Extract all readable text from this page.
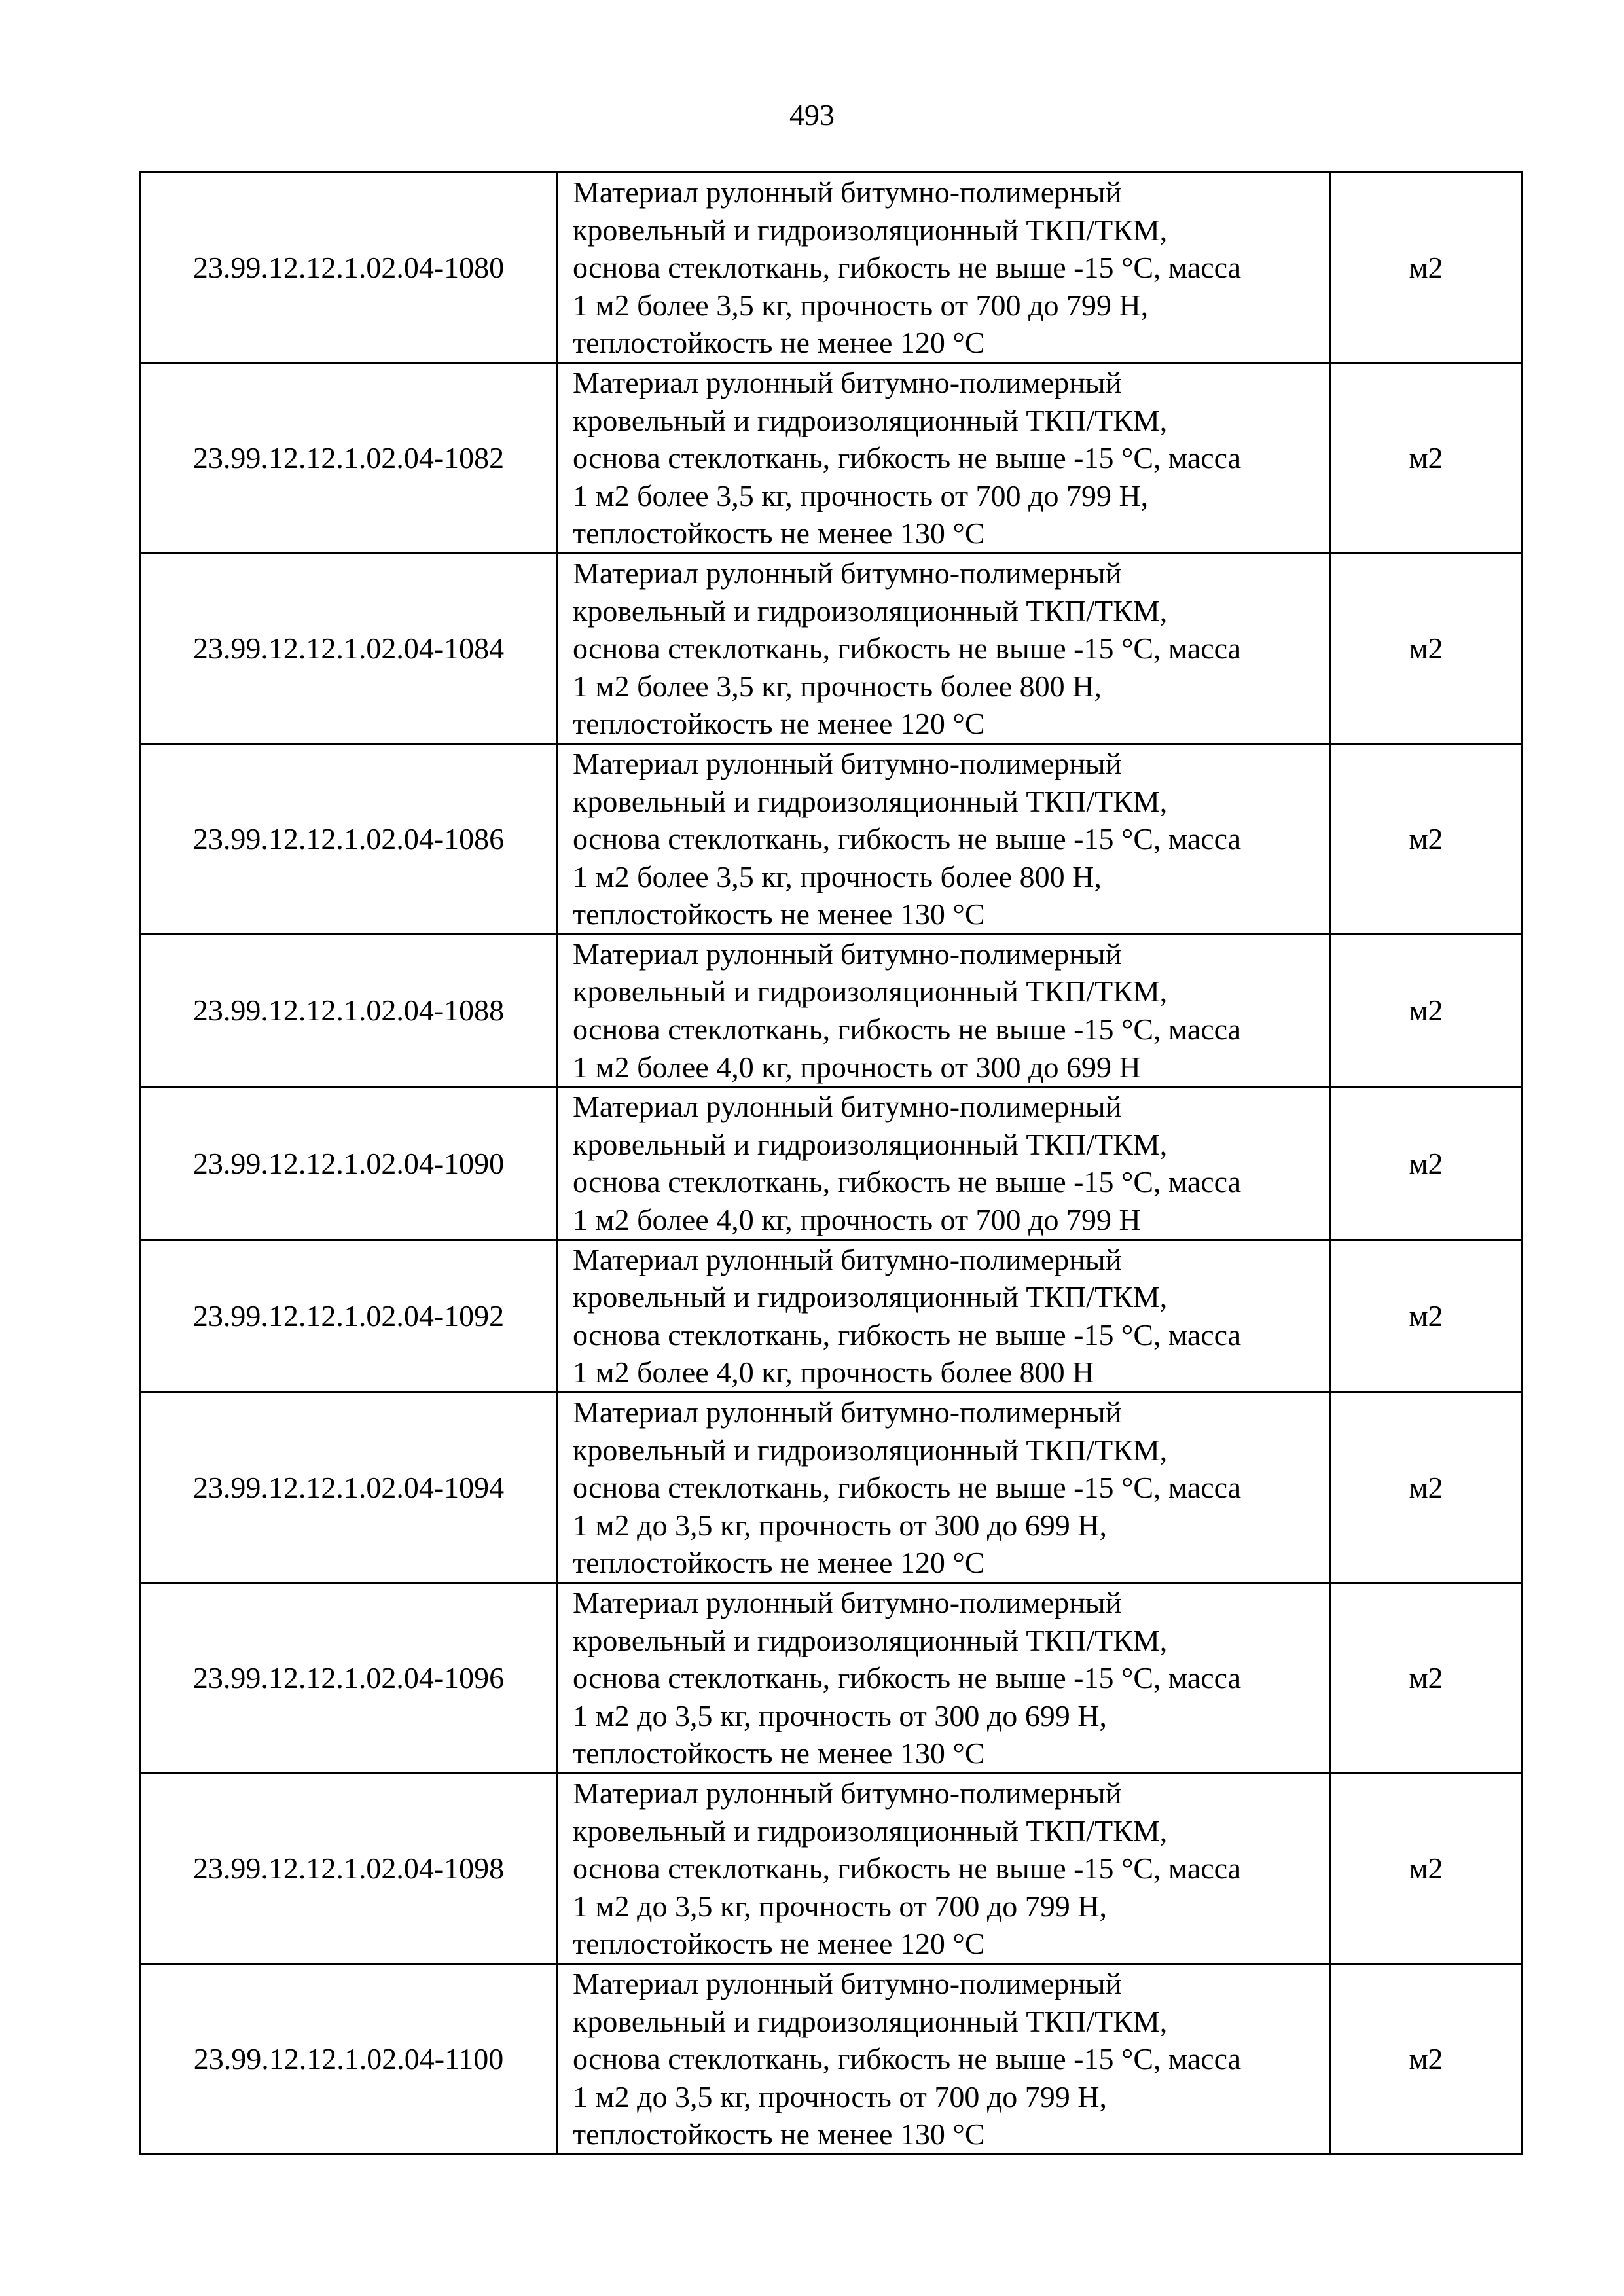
493
23.99.12.12.1.02.04-1080	Материал рулонный битумно-полимерный
кровельный и гидроизоляционный ТКП/ТКМ,
основа стеклоткань, гибкость не выше -15 °С, масса
1 м2 более 3,5 кг, прочность от 700 до 799 Н,
теплостойкость не менее 120 °С	м2
23.99.12.12.1.02.04-1082	Материал рулонный битумно-полимерный
кровельный и гидроизоляционный ТКП/ТКМ,
основа стеклоткань, гибкость не выше -15 °С, масса
1 м2 более 3,5 кг, прочность от 700 до 799 Н,
теплостойкость не менее 130 °С	м2
23.99.12.12.1.02.04-1084	Материал рулонный битумно-полимерный
кровельный и гидроизоляционный ТКП/ТКМ,
основа стеклоткань, гибкость не выше -15 °С, масса
1 м2 более 3,5 кг, прочность более 800 Н,
теплостойкость не менее 120 °С	м2
23.99.12.12.1.02.04-1086	Материал рулонный битумно-полимерный
кровельный и гидроизоляционный ТКП/ТКМ,
основа стеклоткань, гибкость не выше -15 °С, масса
1 м2 более 3,5 кг, прочность более 800 Н,
теплостойкость не менее 130 °С	м2
23.99.12.12.1.02.04-1088	Материал рулонный битумно-полимерный
кровельный и гидроизоляционный ТКП/ТКМ,
основа стеклоткань, гибкость не выше -15 °С, масса
1 м2 более 4,0 кг, прочность от 300 до 699 Н	м2
23.99.12.12.1.02.04-1090	Материал рулонный битумно-полимерный
кровельный и гидроизоляционный ТКП/ТКМ,
основа стеклоткань, гибкость не выше -15 °С, масса
1 м2 более 4,0 кг, прочность от 700 до 799 Н	м2
23.99.12.12.1.02.04-1092	Материал рулонный битумно-полимерный
кровельный и гидроизоляционный ТКП/ТКМ,
основа стеклоткань, гибкость не выше -15 °С, масса
1 м2 более 4,0 кг, прочность более 800 Н	м2
23.99.12.12.1.02.04-1094	Материал рулонный битумно-полимерный
кровельный и гидроизоляционный ТКП/ТКМ,
основа стеклоткань, гибкость не выше -15 °С, масса
1 м2 до 3,5 кг, прочность от 300 до 699 Н,
теплостойкость не менее 120 °С	м2
23.99.12.12.1.02.04-1096	Материал рулонный битумно-полимерный
кровельный и гидроизоляционный ТКП/ТКМ,
основа стеклоткань, гибкость не выше -15 °С, масса
1 м2 до 3,5 кг, прочность от 300 до 699 Н,
теплостойкость не менее 130 °С	м2
23.99.12.12.1.02.04-1098	Материал рулонный битумно-полимерный
кровельный и гидроизоляционный ТКП/ТКМ,
основа стеклоткань, гибкость не выше -15 °С, масса
1 м2 до 3,5 кг, прочность от 700 до 799 Н,
теплостойкость не менее 120 °С	м2
23.99.12.12.1.02.04-1100	Материал рулонный битумно-полимерный
кровельный и гидроизоляционный ТКП/ТКМ,
основа стеклоткань, гибкость не выше -15 °С, масса
1 м2 до 3,5 кг, прочность от 700 до 799 Н,
теплостойкость не менее 130 °С	м2
